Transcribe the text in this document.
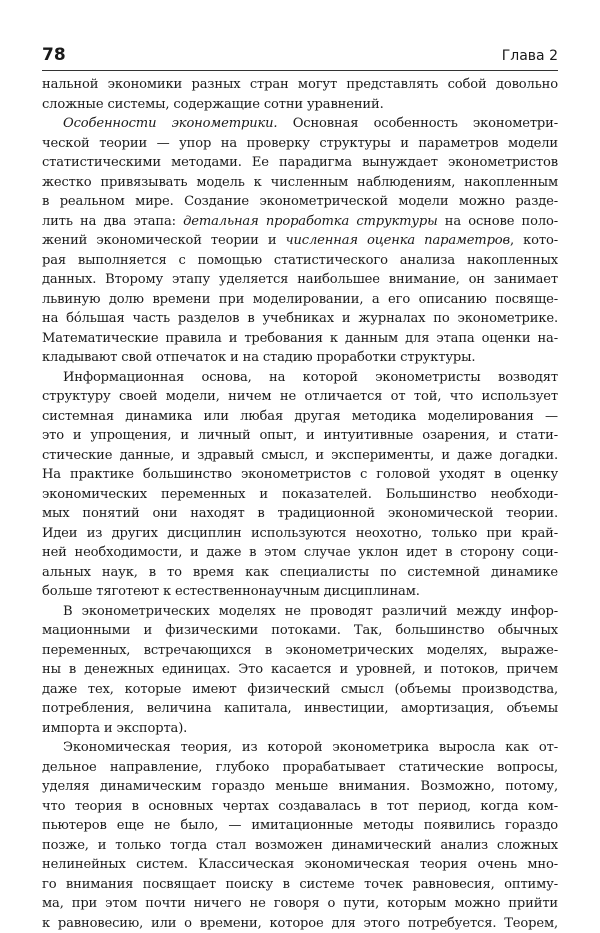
78	Глава 2
нальной экономики разных стран могут представлять собой довольно
сложные системы, содержащие сотни уравнений.
Особенности эконометрики. Основная особенность эконометри-
ческой теории — упор на проверку структуры и параметров модели
статистическими методами. Ее парадигма вынуждает эконометристов
жестко привязывать модель к численным наблюдениям, накопленным
в реальном мире. Создание эконометрической модели можно разде-
лить на два этапа: детальная проработка структуры на основе поло-
жений экономической теории и численная оценка параметров, кото-
рая выполняется с помощью статистического анализа накопленных
данных. Второму этапу уделяется наибольшее внимание, он занимает
львиную долю времени при моделировании, а его описанию посвяще-
на бóльшая часть разделов в учебниках и журналах по эконометрике.
Математические правила и требования к данным для этапа оценки на-
кладывают свой отпечаток и на стадию проработки структуры.
Информационная основа, на которой эконометристы возводят
структуру своей модели, ничем не отличается от той, что использует
системная динамика или любая другая методика моделирования —
это и упрощения, и личный опыт, и интуитивные озарения, и стати-
стические данные, и здравый смысл, и эксперименты, и даже догадки.
На практике большинство эконометристов с головой уходят в оценку
экономических переменных и показателей. Большинство необходи-
мых понятий они находят в традиционной экономической теории.
Идеи из других дисциплин используются неохотно, только при край-
ней необходимости, и даже в этом случае уклон идет в сторону соци-
альных наук, в то время как специалисты по системной динамике
больше тяготеют к естественнонаучным дисциплинам.
В эконометрических моделях не проводят различий между инфор-
мационными и физическими потоками. Так, большинство обычных
переменных, встречающихся в эконометрических моделях, выраже-
ны в денежных единицах. Это касается и уровней, и потоков, причем
даже тех, которые имеют физический смысл (объемы производства,
потребления, величина капитала, инвестиции, амортизация, объемы
импорта и экспорта).
Экономическая теория, из которой эконометрика выросла как от-
дельное направление, глубоко прорабатывает статические вопросы,
уделяя динамическим гораздо меньше внимания. Возможно, потому,
что теория в основных чертах создавалась в тот период, когда ком-
пьютеров еще не было, — имитационные методы появились гораздо
позже, и только тогда стал возможен динамический анализ сложных
нелинейных систем. Классическая экономическая теория очень мно-
го внимания посвящает поиску в системе точек равновесия, оптиму-
ма, при этом почти ничего не говоря о пути, которым можно прийти
к равновесию, или о времени, которое для этого потребуется. Теорем,
